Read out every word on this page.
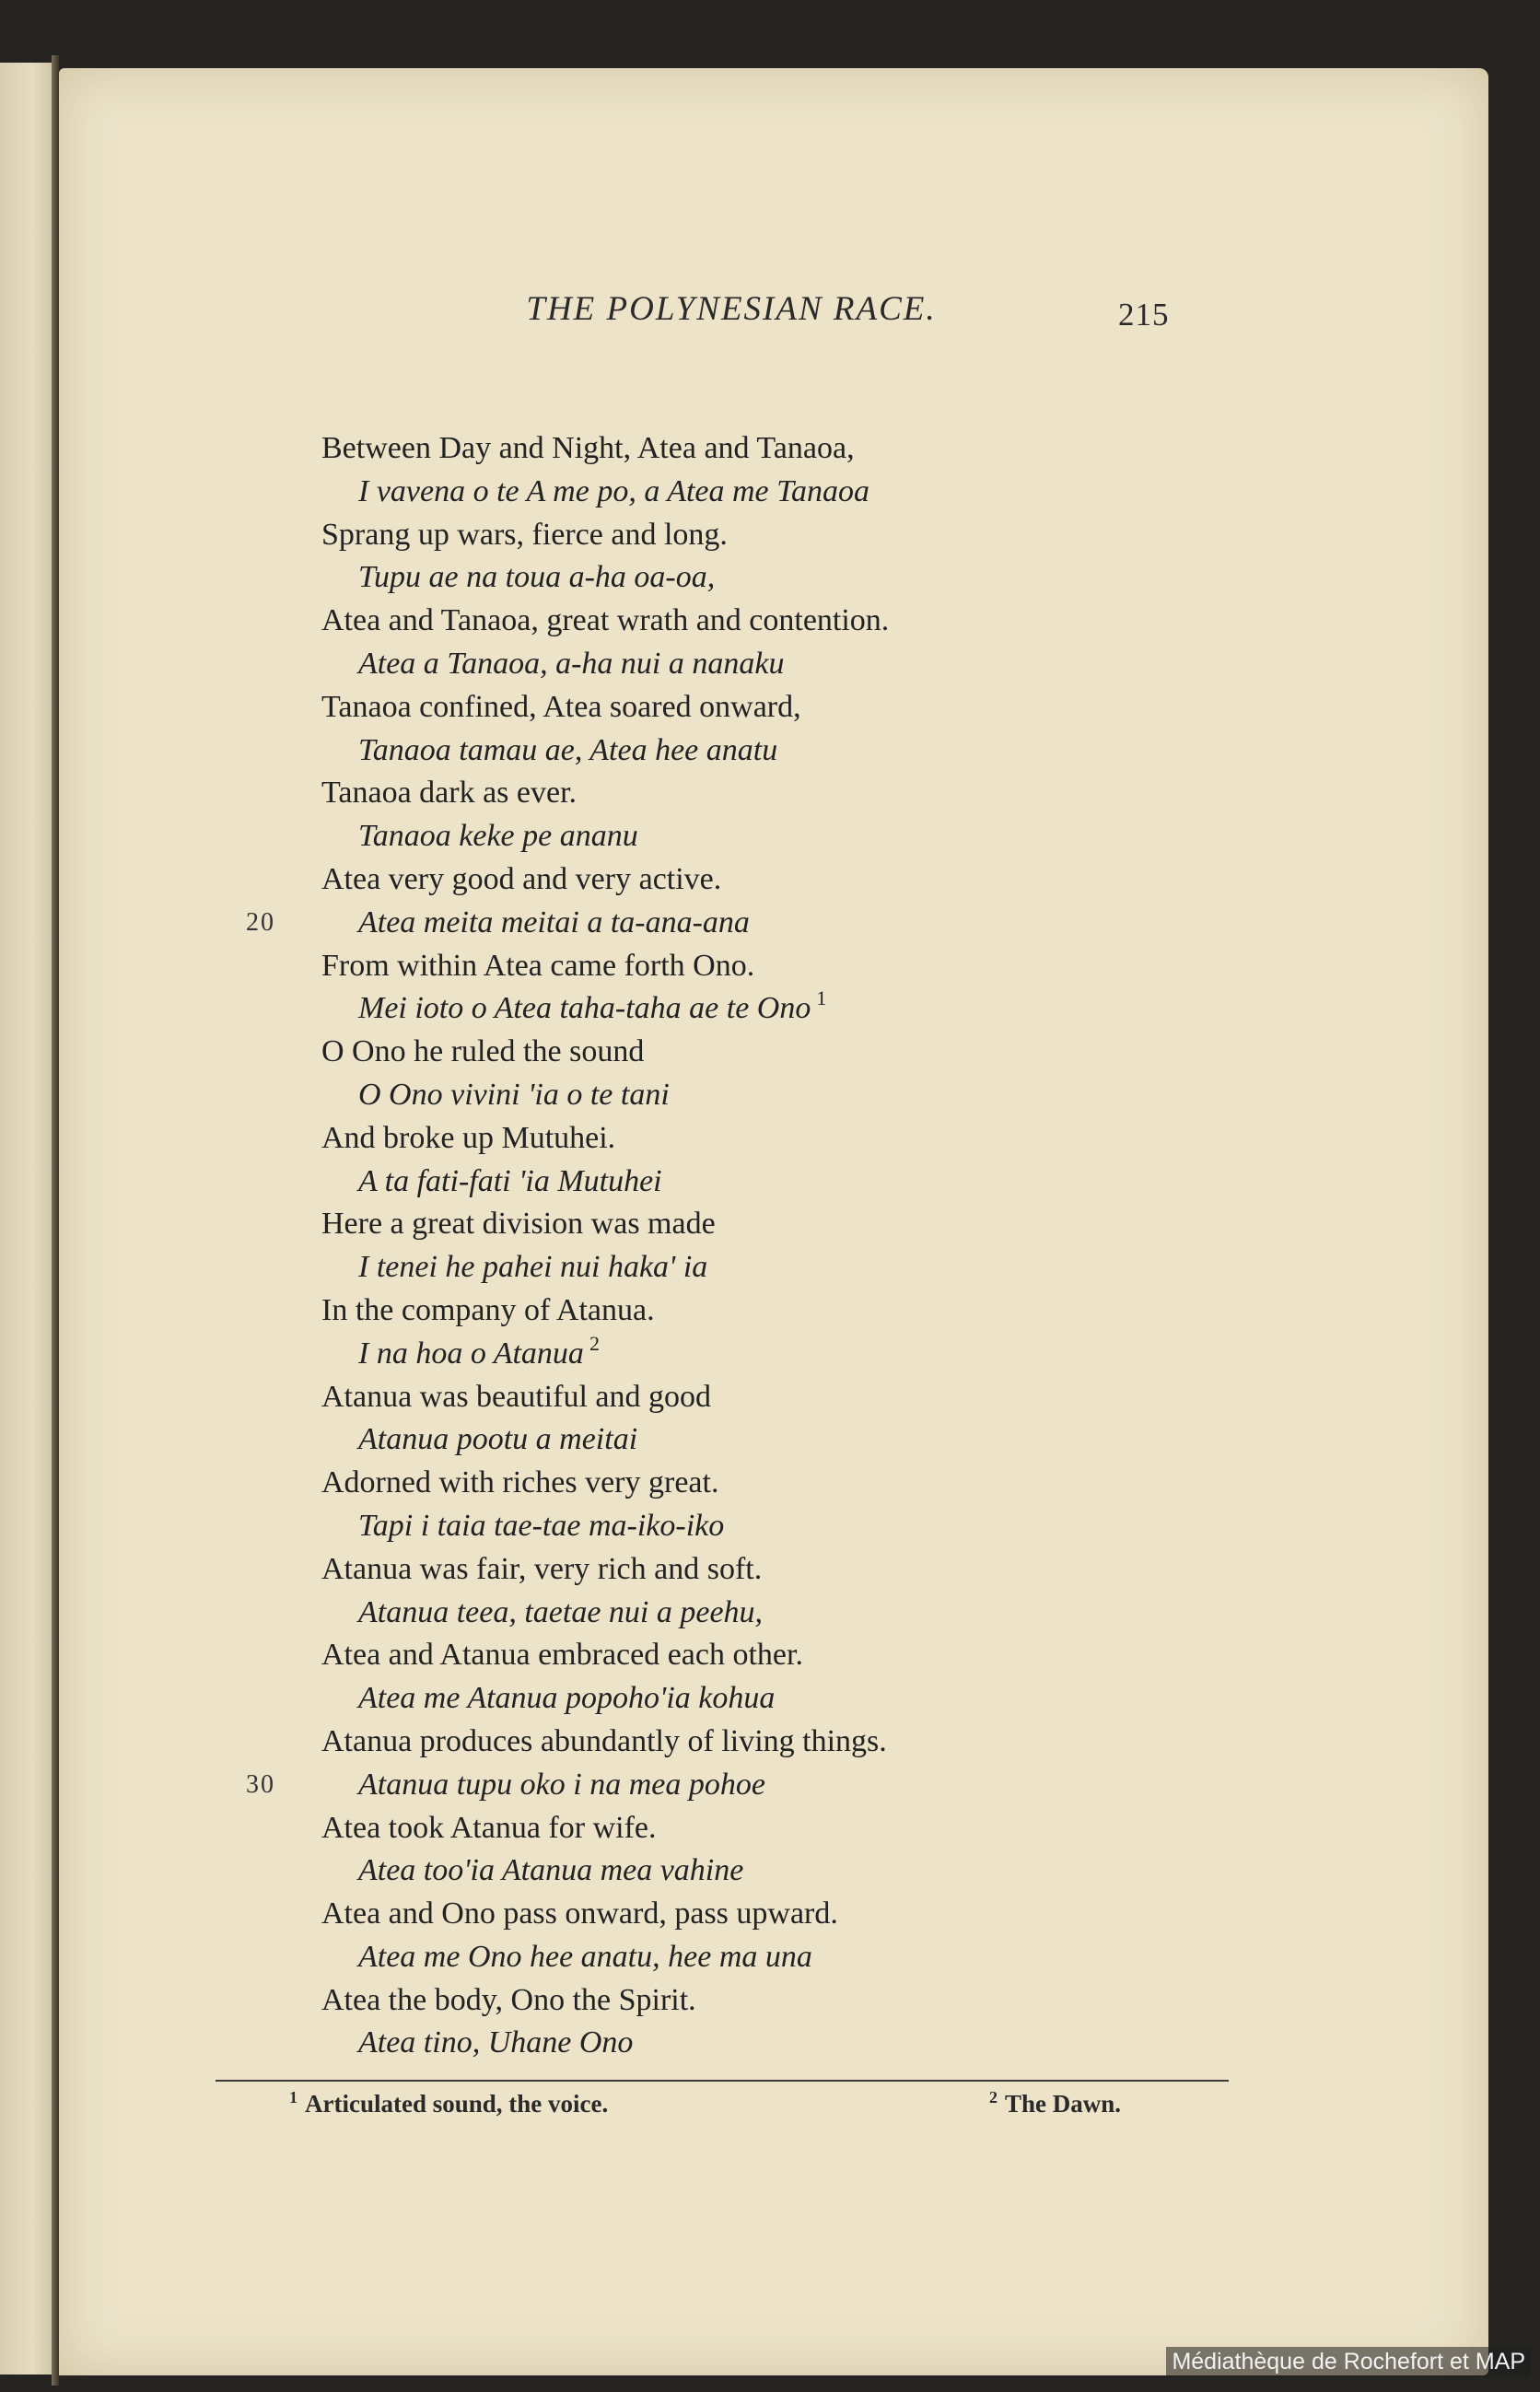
THE POLYNESIAN RACE.	215
Between Day and Night, Atea and Tanaoa,
I vavena o te A me po, a Atea me Tanaoa
Sprang up wars, fierce and long.
Tupu ae na toua a-ha oa-oa,
Atea and Tanaoa, great wrath and contention.
Atea a Tanaoa, a-ha nui a nanaku
Tanaoa confined, Atea soared onward,
Tanaoa tamau ae, Atea hee anatu
Tanaoa dark as ever.
Tanaoa keke pe ananu
Atea very good and very active.
20	Atea meita meitai a ta-ana-ana
From within Atea came forth Ono.
Mei ioto o Atea taha-taha ae te Ono $^1$
O Ono he ruled the sound
O Ono vivini 'ia o te tani
And broke up Mutuhei.
A ta fati-fati 'ia Mutuhei
Here a great division was made
I tenei he pahei nui haka' ia
In the company of Atanua.
I na hoa o Atanua $^2$
Atanua was beautiful and good
Atanua pootu a meitai
Adorned with riches very great.
Tapi i taia tae-tae ma-iko-iko
Atanua was fair, very rich and soft.
Atanua teea, taetae nui a peehu,
Atea and Atanua embraced each other.
Atea me Atanua popoho'ia kohua
Atanua produces abundantly of living things.
30	Atanua tupu oko i na mea pohoe
Atea took Atanua for wife.
Atea too'ia Atanua mea vahine
Atea and Ono pass onward, pass upward.
Atea me Ono hee anatu, hee ma una
Atea the body, Ono the Spirit.
Atea tino, Uhane Ono
$^1$ Articulated sound, the voice.	$^2$ The Dawn.
Médiathèque de Rochefort et MAP
